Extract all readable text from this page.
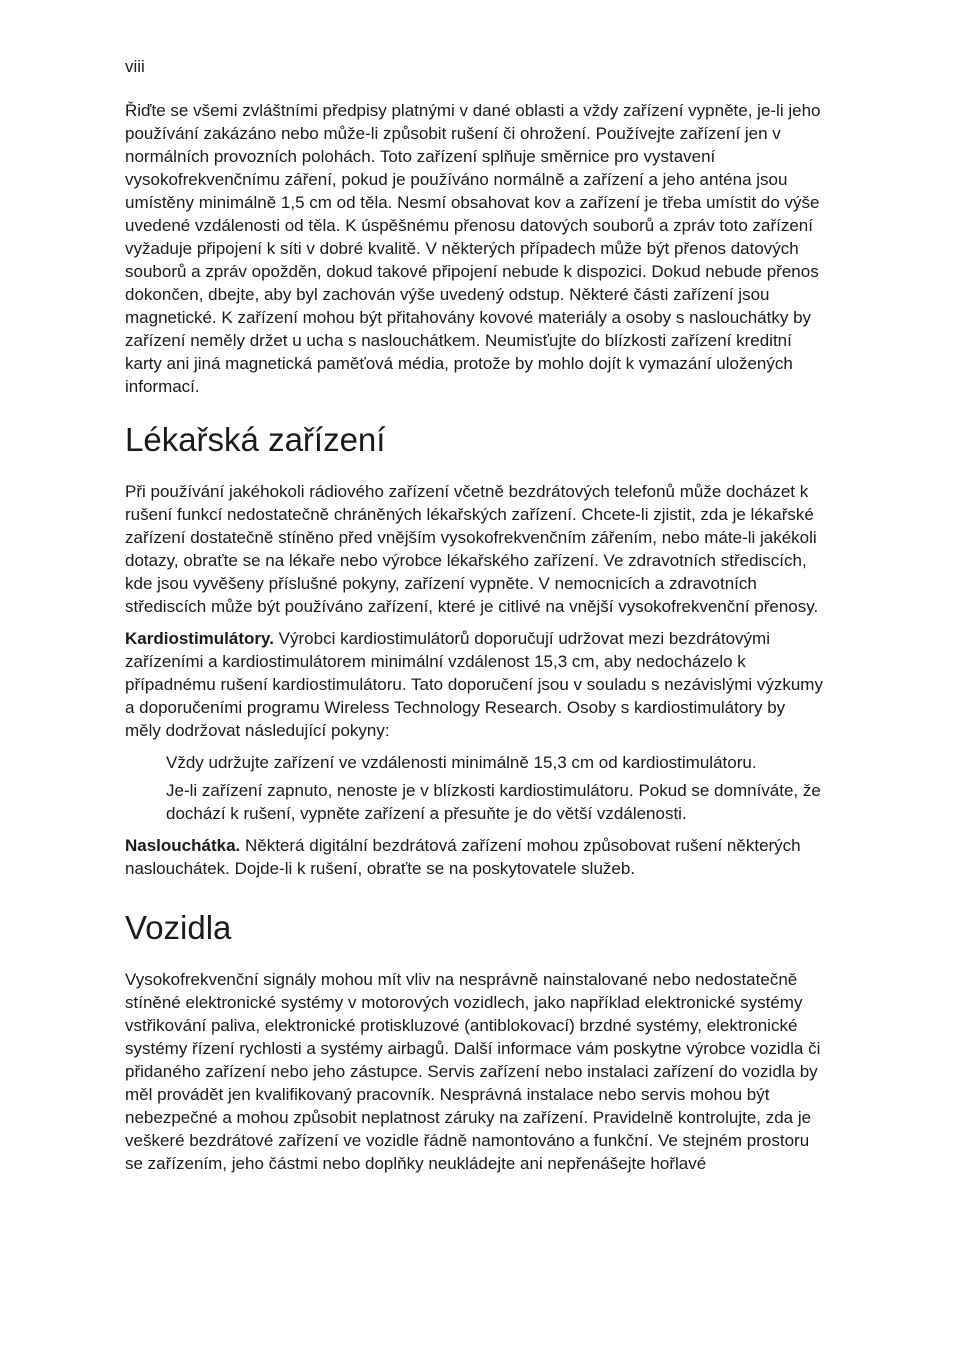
viii

Řiďte se všemi zvláštními předpisy platnými v dané oblasti a vždy zařízení vypněte, je-li jeho používání zakázáno nebo může-li způsobit rušení či ohrožení. Používejte zařízení jen v normálních provozních polohách. Toto zařízení splňuje směrnice pro vystavení vysokofrekvenčnímu záření, pokud je používáno normálně a zařízení a jeho anténa jsou umístěny minimálně 1,5 cm od těla. Nesmí obsahovat kov a zařízení je třeba umístit do výše uvedené vzdálenosti od těla. K úspěšnému přenosu datových souborů a zpráv toto zařízení vyžaduje připojení k síti v dobré kvalitě. V některých případech může být přenos datových souborů a zpráv opožděn, dokud takové připojení nebude k dispozici. Dokud nebude přenos dokončen, dbejte, aby byl zachován výše uvedený odstup. Některé části zařízení jsou magnetické. K zařízení mohou být přitahovány kovové materiály a osoby s naslouchátky by zařízení neměly držet u ucha s naslouchátkem. Neumisťujte do blízkosti zařízení kreditní karty ani jiná magnetická paměťová média, protože by mohlo dojít k vymazání uložených informací.

Lékařská zařízení

Při používání jakéhokoli rádiového zařízení včetně bezdrátových telefonů může docházet k rušení funkcí nedostatečně chráněných lékařských zařízení. Chcete-li zjistit, zda je lékařské zařízení dostatečně stíněno před vnějším vysokofrekvenčním zářením, nebo máte-li jakékoli dotazy, obraťte se na lékaře nebo výrobce lékařského zařízení. Ve zdravotních střediscích, kde jsou vyvěšeny příslušné pokyny, zařízení vypněte. V nemocnicích a zdravotních střediscích může být používáno zařízení, které je citlivé na vnější vysokofrekvenční přenosy.

Kardiostimulátory. Výrobci kardiostimulátorů doporučují udržovat mezi bezdrátovými zařízeními a kardiostimulátorem minimální vzdálenost 15,3 cm, aby nedocházelo k případnému rušení kardiostimulátoru. Tato doporučení jsou v souladu s nezávislými výzkumy a doporučeními programu Wireless Technology Research. Osoby s kardiostimulátory by měly dodržovat následující pokyny:

Vždy udržujte zařízení ve vzdálenosti minimálně 15,3 cm od kardiostimulátoru.
Je-li zařízení zapnuto, nenoste je v blízkosti kardiostimulátoru. Pokud se domníváte, že dochází k rušení, vypněte zařízení a přesuňte je do větší vzdálenosti.

Naslouchátka. Některá digitální bezdrátová zařízení mohou způsobovat rušení některých naslouchátek. Dojde-li k rušení, obraťte se na poskytovatele služeb.

Vozidla

Vysokofrekvenční signály mohou mít vliv na nesprávně nainstalované nebo nedostatečně stíněné elektronické systémy v motorových vozidlech, jako například elektronické systémy vstřikování paliva, elektronické protiskluzové (antiblokovací) brzdné systémy, elektronické systémy řízení rychlosti a systémy airbagů. Další informace vám poskytne výrobce vozidla či přidaného zařízení nebo jeho zástupce. Servis zařízení nebo instalaci zařízení do vozidla by měl provádět jen kvalifikovaný pracovník. Nesprávná instalace nebo servis mohou být nebezpečné a mohou způsobit neplatnost záruky na zařízení. Pravidelně kontrolujte, zda je veškeré bezdrátové zařízení ve vozidle řádně namontováno a funkční. Ve stejném prostoru se zařízením, jeho částmi nebo doplňky neukládejte ani nepřenášejte hořlavé
